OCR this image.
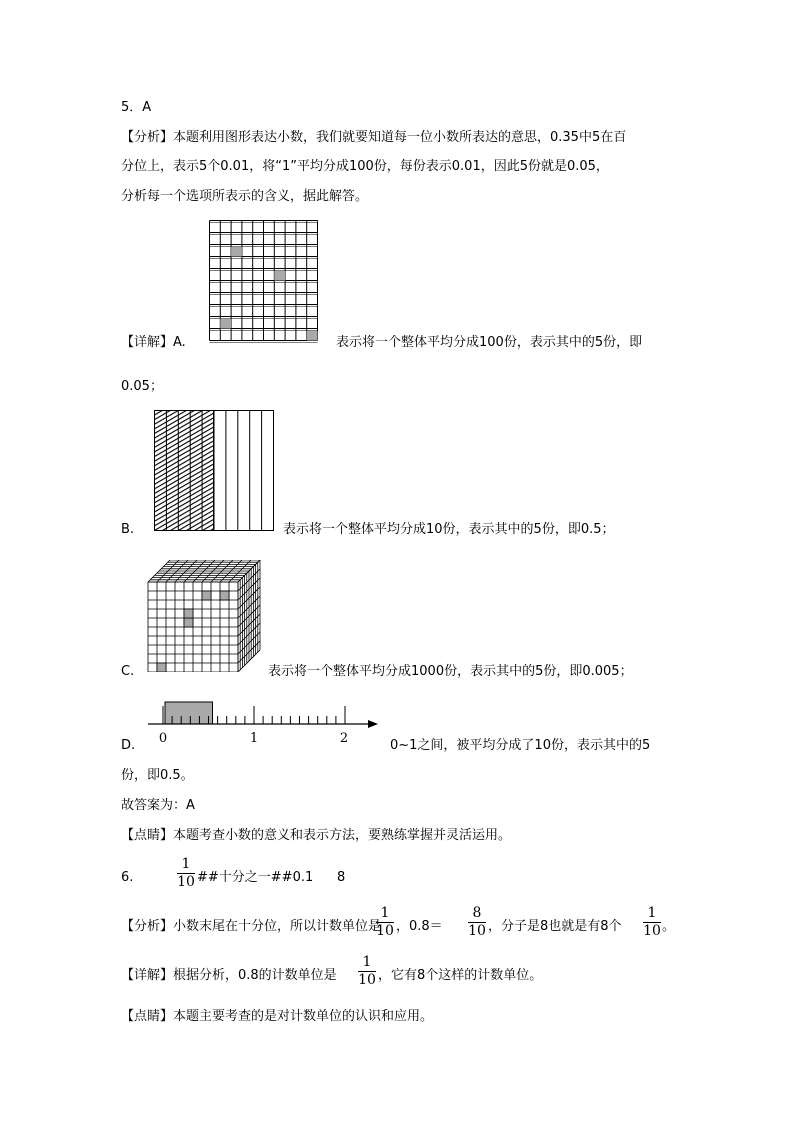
5．A
【分析】本题利用图形表达小数，我们就要知道每一位小数所表达的意思，0.35中5在百
分位上，表示5个0.01，将“1”平均分成100份，每份表示0.01，因此5份就是0.05，
分析每一个选项所表示的含义，据此解答。
【详解】A.	表示将一个整体平均分成100份，表示其中的5份，即
0.05；
B.	表示将一个整体平均分成10份，表示其中的5份，即0.5；
C.	表示将一个整体平均分成1000份，表示其中的5份，即0.005；
0	1	2
D.	0~1之间，被平均分成了10份，表示其中的5
份，即0.5。
故答案为：A
【点睛】本题考查小数的意义和表示方法，要熟练掌握并灵活运用。
6.
1
10 ##十分之一##0.1 8
【分析】小数末尾在十分位，所以计数单位是
1
10 ，0.8＝
8
10 ，分子是8也就是有8个
1
10 。
【详解】根据分析，0.8的计数单位是
1
10 ，它有8个这样的计数单位。
【点睛】本题主要考查的是对计数单位的认识和应用。
